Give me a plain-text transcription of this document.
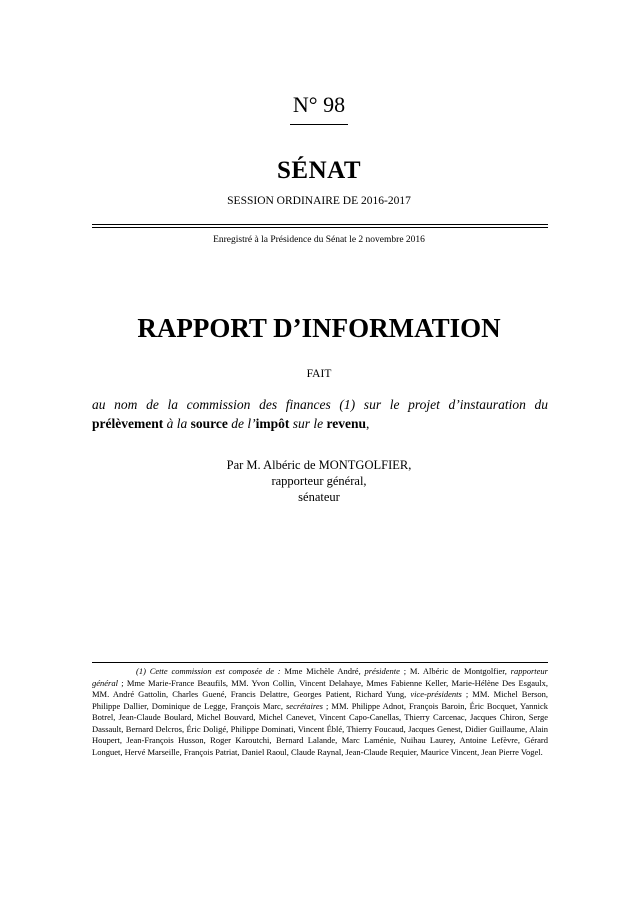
N° 98
SÉNAT
SESSION ORDINAIRE DE 2016-2017
Enregistré à la Présidence du Sénat le 2 novembre 2016
RAPPORT D’INFORMATION
FAIT
au nom de la commission des finances (1) sur le projet d’instauration du prélèvement à la source de l’impôt sur le revenu,
Par M. Albéric de MONTGOLFIER,
rapporteur général,
sénateur
(1) Cette commission est composée de : Mme Michèle André, présidente ; M. Albéric de Montgolfier, rapporteur général ; Mme Marie-France Beaufils, MM. Yvon Collin, Vincent Delahaye, Mmes Fabienne Keller, Marie-Hélène Des Esgaulx, MM. André Gattolin, Charles Guené, Francis Delattre, Georges Patient, Richard Yung, vice-présidents ; MM. Michel Berson, Philippe Dallier, Dominique de Legge, François Marc, secrétaires ; MM. Philippe Adnot, François Baroin, Éric Bocquet, Yannick Botrel, Jean-Claude Boulard, Michel Bouvard, Michel Canevet, Vincent Capo-Canellas, Thierry Carcenac, Jacques Chiron, Serge Dassault, Bernard Delcros, Éric Doligé, Philippe Dominati, Vincent Éblé, Thierry Foucaud, Jacques Genest, Didier Guillaume, Alain Houpert, Jean-François Husson, Roger Karoutchi, Bernard Lalande, Marc Laménie, Nuihau Laurey, Antoine Lefèvre, Gérard Longuet, Hervé Marseille, François Patriat, Daniel Raoul, Claude Raynal, Jean-Claude Requier, Maurice Vincent, Jean Pierre Vogel.
